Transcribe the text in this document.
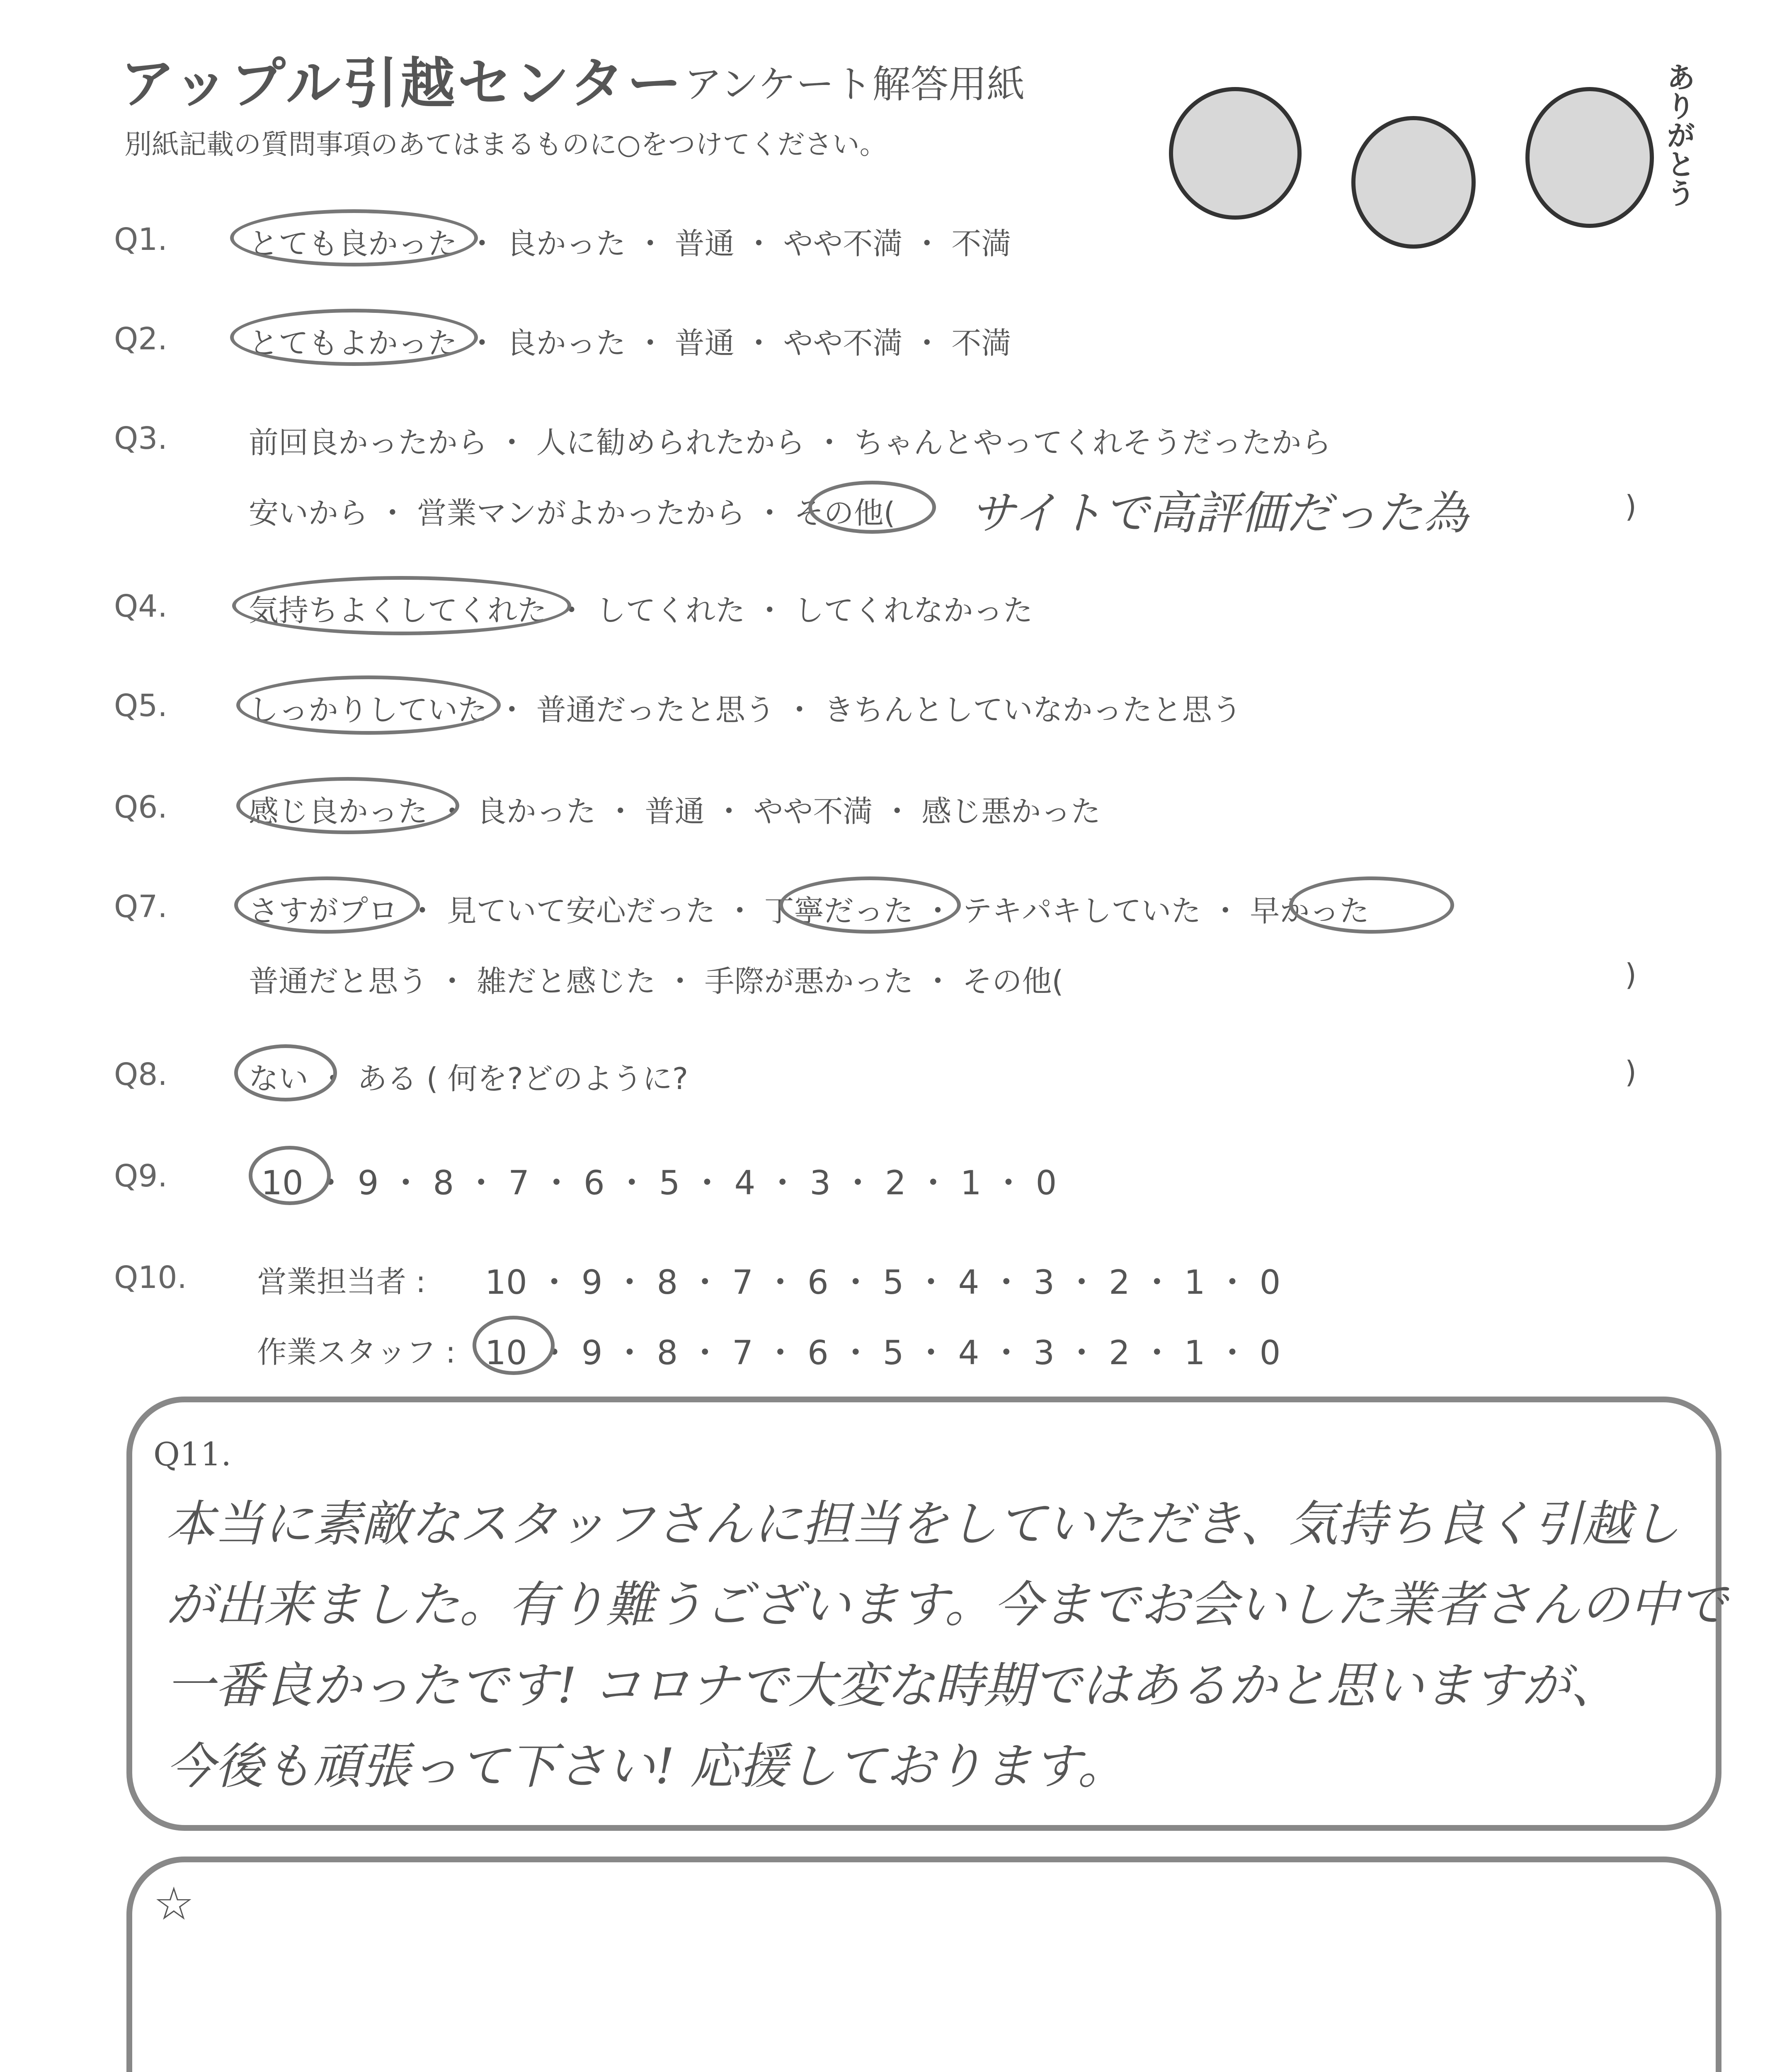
アップル引越センター アンケート解答用紙
別紙記載の質問事項のあてはまるものに○をつけてください。	ありがとう
Q1.	とても良かった ・ 良かった ・ 普通 ・ やや不満 ・ 不満
Q2.	とてもよかった ・ 良かった ・ 普通 ・ やや不満 ・ 不満
Q3.	前回良かったから ・ 人に勧められたから ・ ちゃんとやってくれそうだったから
安いから ・ 営業マンがよかったから ・ その他( サイトで高評価だった為	)
Q4.	気持ちよくしてくれた ・ してくれた ・ してくれなかった
Q5.	しっかりしていた ・ 普通だったと思う ・ きちんとしていなかったと思う
Q6.	感じ良かった ・ 良かった ・ 普通 ・ やや不満 ・ 感じ悪かった
Q7.	さすがプロ ・ 見ていて安心だった ・ 丁寧だった ・ テキパキしていた ・ 早かった
普通だと思う ・ 雑だと感じた ・ 手際が悪かった ・ その他(	)
Q8.	ない ・ ある ( 何を?どのように?	)
Q9.	10 ・ 9 ・ 8 ・ 7 ・ 6 ・ 5 ・ 4 ・ 3 ・ 2 ・ 1 ・ 0
Q10. 営業担当者 : 10 ・ 9 ・ 8 ・ 7 ・ 6 ・ 5 ・ 4 ・ 3 ・ 2 ・ 1 ・ 0
作業スタッフ : 10 ・ 9 ・ 8 ・ 7 ・ 6 ・ 5 ・ 4 ・ 3 ・ 2 ・ 1 ・ 0
Q11.
本当に素敵なスタッフさんに担当をしていただき、気持ち良く引越し
が出来ました。有り難うございます。今までお会いした業者さんの中で
一番良かったです! コロナで大変な時期ではあるかと思いますが、
今後も頑張って下さい! 応援しております。
☆
